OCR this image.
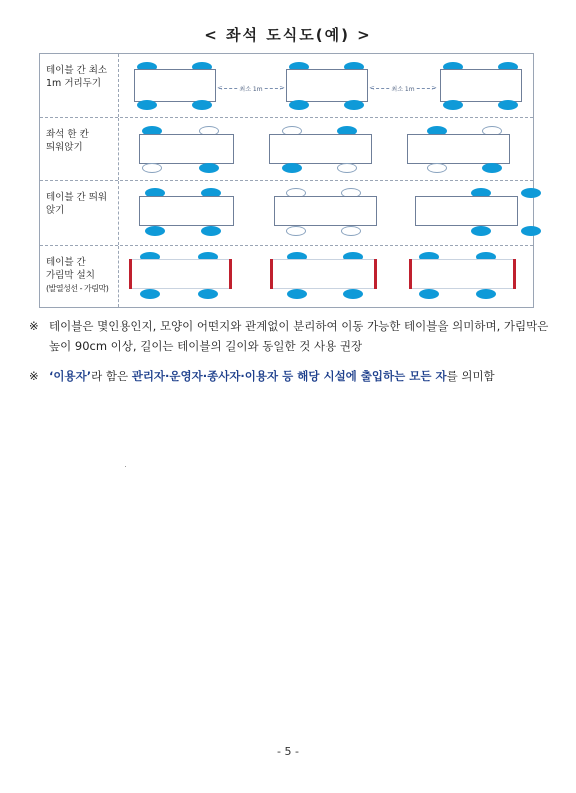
< 좌석 도식도(예) >
테이블 간 최소 1m 거리두기	<	최소 1m >	<	최소 1m >
좌석 한 칸 띄워앉기
테이블 간 띄워 앉기
테이블 간 가림막 설치
(발열성선 - 가림막)
※ 테이블은 몇인용인지, 모양이 어떤지와 관계없이 분리하여 이동 가능한 테이블을 의미하며, 가림막은 높이 90cm 이상, 길이는 테이블의 길이와 동일한 것 사용 권장
※ ‘이용자’라 함은 관리자·운영자·종사자·이용자 등 해당 시설에 출입하는 모든 자를 의미함
- 5 -
